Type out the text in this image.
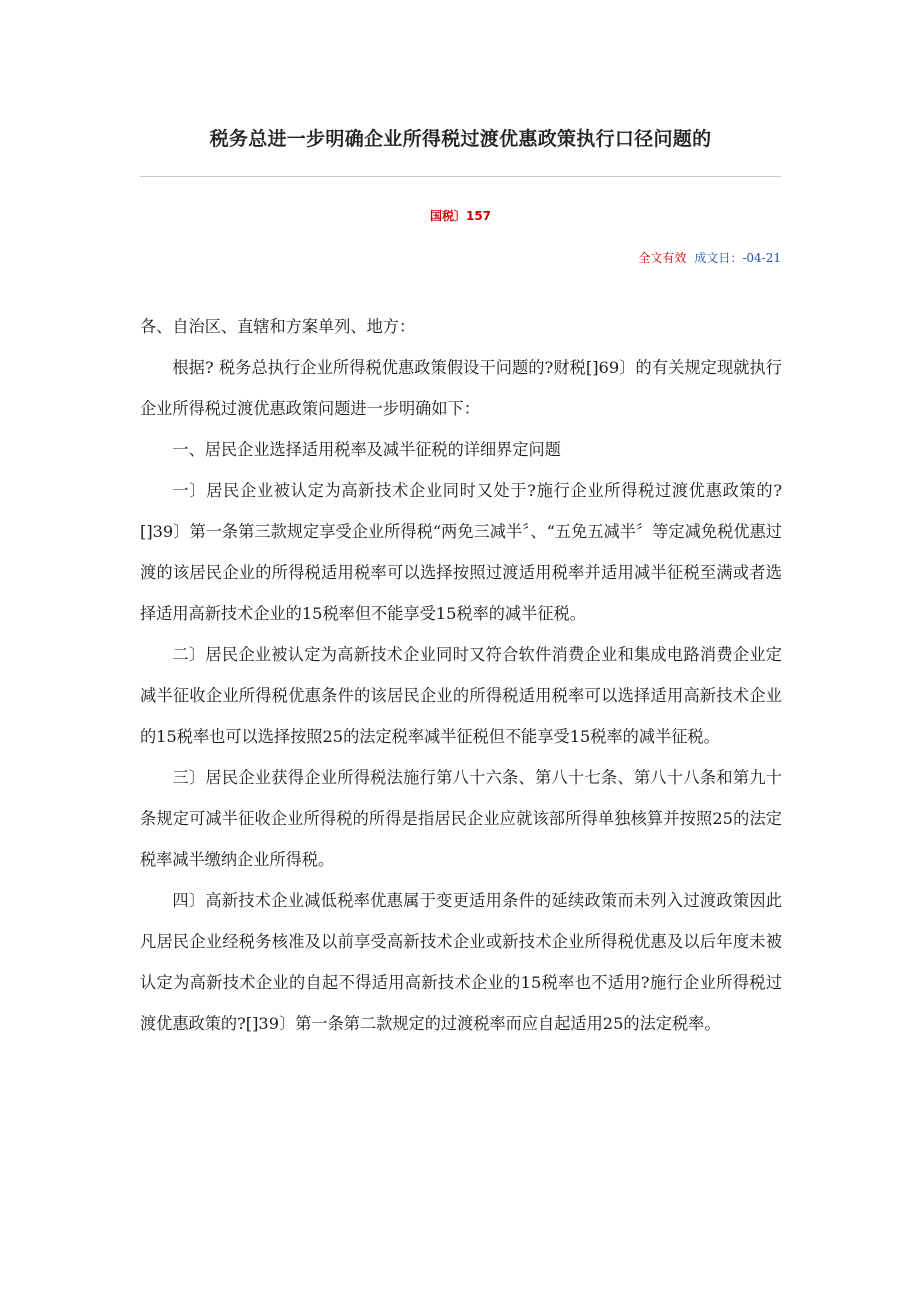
税务总进一步明确企业所得税过渡优惠政策执行口径问题的
国税〕157
全文有效 成文日：-04-21

各、自治区、直辖和方案单列、地方：

根据? 税务总执行企业所得税优惠政策假设干问题的?财税[]69〕的有关规定现就执行企业所得税过渡优惠政策问题进一步明确如下：

一、居民企业选择适用税率及减半征税的详细界定问题

一〕居民企业被认定为高新技术企业同时又处于?施行企业所得税过渡优惠政策的?[]39〕第一条第三款规定享受企业所得税“两免三减半〞、“五免五减半〞等定减免税优惠过渡的该居民企业的所得税适用税率可以选择按照过渡适用税率并适用减半征税至满或者选择适用高新技术企业的15税率但不能享受15税率的减半征税。

二〕居民企业被认定为高新技术企业同时又符合软件消费企业和集成电路消费企业定减半征收企业所得税优惠条件的该居民企业的所得税适用税率可以选择适用高新技术企业的15税率也可以选择按照25的法定税率减半征税但不能享受15税率的减半征税。

三〕居民企业获得企业所得税法施行第八十六条、第八十七条、第八十八条和第九十条规定可减半征收企业所得税的所得是指居民企业应就该部所得单独核算并按照25的法定税率减半缴纳企业所得税。

四〕高新技术企业减低税率优惠属于变更适用条件的延续政策而未列入过渡政策因此凡居民企业经税务核准及以前享受高新技术企业或新技术企业所得税优惠及以后年度未被认定为高新技术企业的自起不得适用高新技术企业的15税率也不适用?施行企业所得税过渡优惠政策的?[]39〕第一条第二款规定的过渡税率而应自起适用25的法定税率。
